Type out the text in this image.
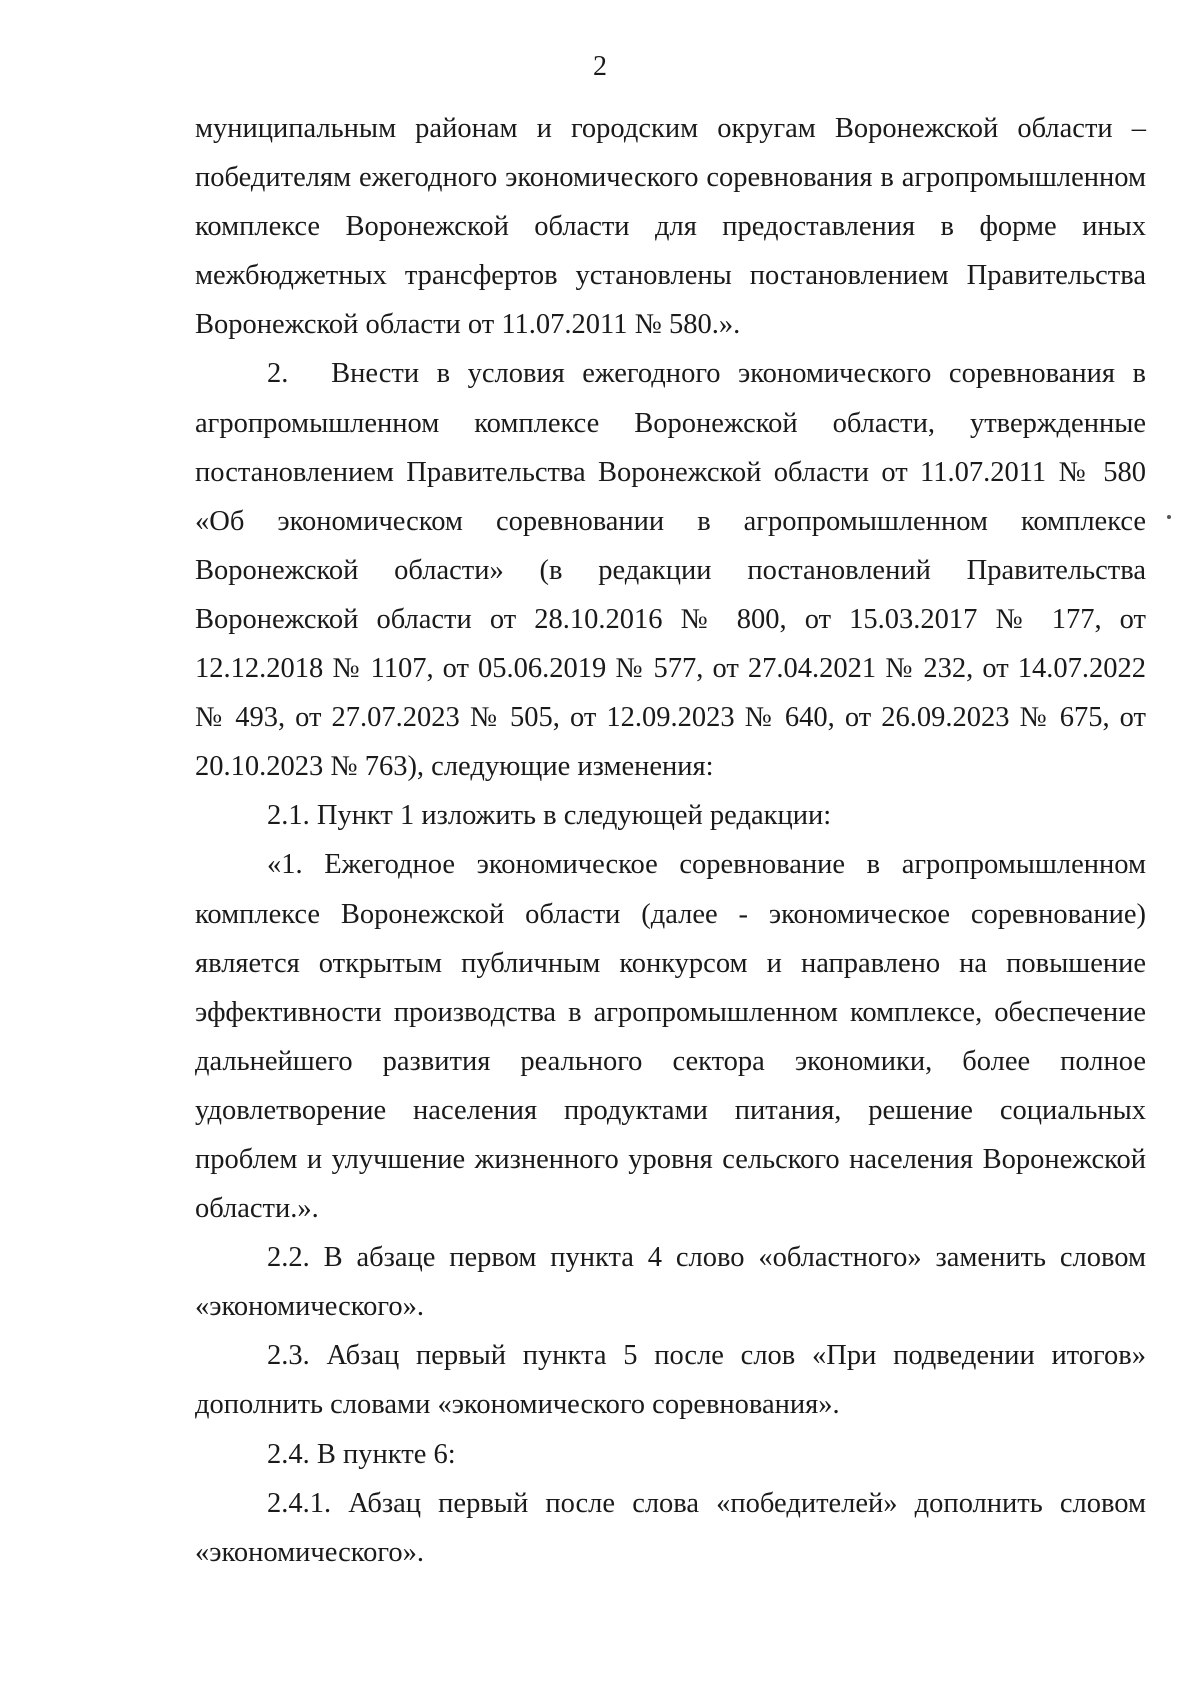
2

муниципальным районам и городским округам Воронежской области – победителям ежегодного экономического соревнования в агропромышленном комплексе Воронежской области для предоставления в форме иных межбюджетных трансфертов установлены постановлением Правительства Воронежской области от 11.07.2011 № 580.».

2.  Внести в условия ежегодного экономического соревнования в агропромышленном комплексе Воронежской области, утвержденные постановлением Правительства Воронежской области от 11.07.2011 № 580 «Об экономическом соревновании в агропромышленном комплексе Воронежской области» (в редакции постановлений Правительства Воронежской области от 28.10.2016 № 800, от 15.03.2017 № 177, от 12.12.2018 № 1107, от 05.06.2019 № 577, от 27.04.2021 № 232, от 14.07.2022 № 493, от 27.07.2023 № 505, от 12.09.2023 № 640, от 26.09.2023 № 675, от 20.10.2023 № 763), следующие изменения:

2.1. Пункт 1 изложить в следующей редакции:

«1. Ежегодное экономическое соревнование в агропромышленном комплексе Воронежской области (далее - экономическое соревнование) является открытым публичным конкурсом и направлено на повышение эффективности производства в агропромышленном комплексе, обеспечение дальнейшего развития реального сектора экономики, более полное удовлетворение населения продуктами питания, решение социальных проблем и улучшение жизненного уровня сельского населения Воронежской области.».

2.2. В абзаце первом пункта 4 слово «областного» заменить словом «экономического».

2.3. Абзац первый пункта 5 после слов «При подведении итогов» дополнить словами «экономического соревнования».

2.4. В пункте 6:

2.4.1. Абзац первый после слова «победителей» дополнить словом «экономического».
